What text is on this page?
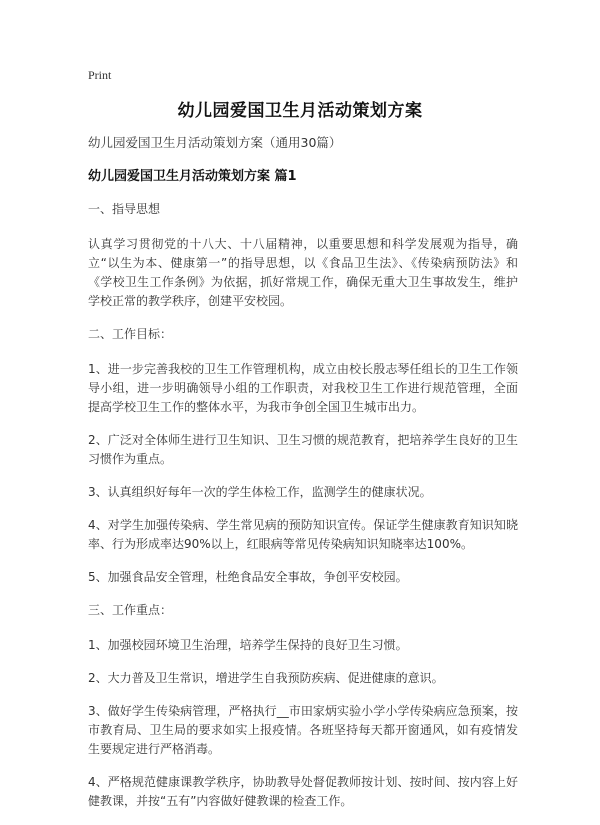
Print
幼儿园爱国卫生月活动策划方案

幼儿园爱国卫生月活动策划方案（通用30篇）

幼儿园爱国卫生月活动策划方案 篇1

一、指导思想

认真学习贯彻党的十八大、十八届精神，以重要思想和科学发展观为指导，确立“以生为本、健康第一”的指导思想，以《食品卫生法》、《传染病预防法》和《学校卫生工作条例》为依据，抓好常规工作，确保无重大卫生事故发生，维护学校正常的教学秩序，创建平安校园。

二、工作目标：

1、进一步完善我校的卫生工作管理机构，成立由校长殷志琴任组长的卫生工作领导小组，进一步明确领导小组的工作职责，对我校卫生工作进行规范管理，全面提高学校卫生工作的整体水平，为我市争创全国卫生城市出力。

2、广泛对全体师生进行卫生知识、卫生习惯的规范教育，把培养学生良好的卫生习惯作为重点。

3、认真组织好每年一次的学生体检工作，监测学生的健康状况。

4、对学生加强传染病、学生常见病的预防知识宣传。保证学生健康教育知识知晓率、行为形成率达90%以上，红眼病等常见传染病知识知晓率达100%。

5、加强食品安全管理，杜绝食品安全事故，争创平安校园。

三、工作重点：

1、加强校园环境卫生治理，培养学生保持的良好卫生习惯。

2、大力普及卫生常识，增进学生自我预防疾病、促进健康的意识。

3、做好学生传染病管理，严格执行__市田家炳实验小学小学传染病应急预案，按市教育局、卫生局的要求如实上报疫情。各班坚持每天都开窗通风，如有疫情发生要规定进行严格消毒。

4、严格规范健康课教学秩序，协助教导处督促教师按计划、按时间、按内容上好健教课，并按“五有”内容做好健教课的检查工作。
